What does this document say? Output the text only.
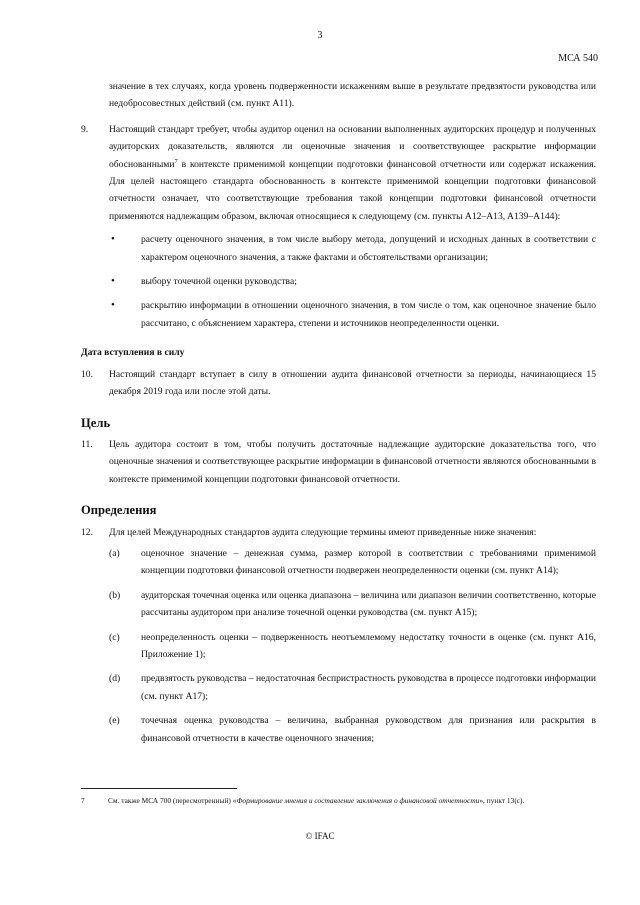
3
МСА 540

значение в тех случаях, когда уровень подверженности искажениям выше в результате предвзятости руководства или недобросовестных действий (см. пункт A11).

9. Настоящий стандарт требует, чтобы аудитор оценил на основании выполненных аудиторских процедур и полученных аудиторских доказательств, являются ли оценочные значения и соответствующее раскрытие информации обоснованными$^7$ в контексте применимой концепции подготовки финансовой отчетности или содержат искажения. Для целей настоящего стандарта обоснованность в контексте применимой концепции подготовки финансовой отчетности означает, что соответствующие требования такой концепции подготовки финансовой отчетности применяются надлежащим образом, включая относящиеся к следующему (см. пункты A12–A13, A139–A144):

•	расчету оценочного значения, в том числе выбору метода, допущений и исходных данных в соответствии с характером оценочного значения, а также фактами и обстоятельствами организации;
•	выбору точечной оценки руководства;
•	раскрытию информации в отношении оценочного значения, в том числе о том, как оценочное значение было рассчитано, с объяснением характера, степени и источников неопределенности оценки.
Дата вступления в силу
10. Настоящий стандарт вступает в силу в отношении аудита финансовой отчетности за периоды, начинающиеся 15 декабря 2019 года или после этой даты.

Цель
11. Цель аудитора состоит в том, чтобы получить достаточные надлежащие аудиторские доказательства того, что оценочные значения и соответствующее раскрытие информации в финансовой отчетности являются обоснованными в контексте применимой концепции подготовки финансовой отчетности.

Определения
12. Для целей Международных стандартов аудита следующие термины имеют приведенные ниже значения:

(a) оценочное значение – денежная сумма, размер которой в соответствии с требованиями применимой концепции подготовки финансовой отчетности подвержен неопределенности оценки (см. пункт A14);
(b) аудиторская точечная оценка или оценка диапазона – величина или диапазон величин соответственно, которые рассчитаны аудитором при анализе точечной оценки руководства (см. пункт A15);
(c) неопределенность оценки – подверженность неотъемлемому недостатку точности в оценке (см. пункт A16, Приложение 1);
(d) предвзятость руководства – недостаточная беспристрастность руководства в процессе подготовки информации (см. пункт A17);
(e) точечная оценка руководства – величина, выбранная руководством для признания или раскрытия в финансовой отчетности в качестве оценочного значения;
7	См. также МСА 700 (пересмотренный) «Формирование мнения и составление заключения о финансовой отчетности», пункт 13(c).
© IFAC
